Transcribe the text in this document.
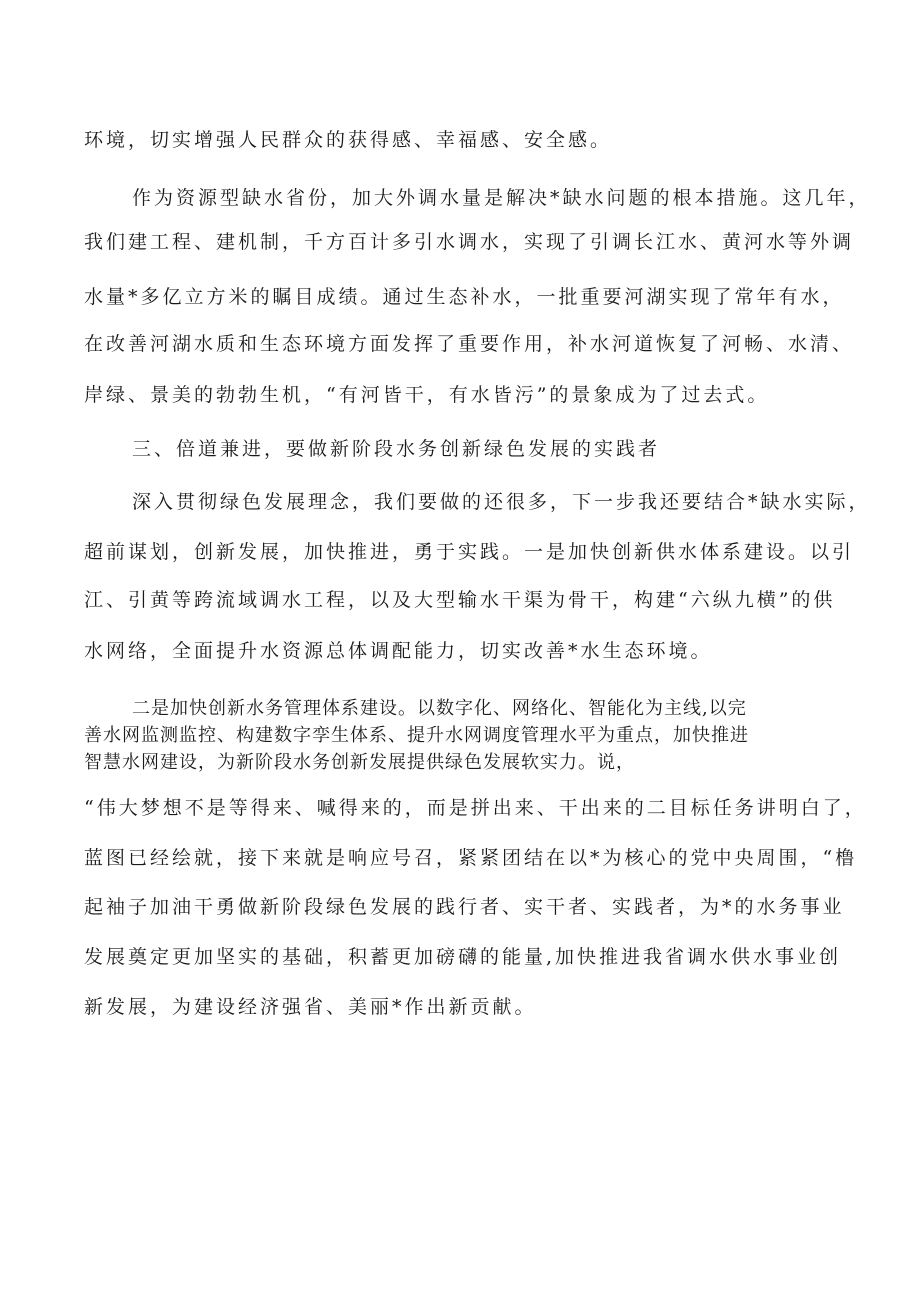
环境，切实增强人民群众的获得感、幸福感、安全感。
作为资源型缺水省份，加大外调水量是解决*缺水问题的根本措施。这几年，
我们建工程、建机制，千方百计多引水调水，实现了引调长江水、黄河水等外调
水量*多亿立方米的瞩目成绩。通过生态补水，一批重要河湖实现了常年有水，
在改善河湖水质和生态环境方面发挥了重要作用，补水河道恢复了河畅、水清、
岸绿、景美的勃勃生机，“有河皆干，有水皆污”的景象成为了过去式。
三、倍道兼进，要做新阶段水务创新绿色发展的实践者
深入贯彻绿色发展理念，我们要做的还很多，下一步我还要结合*缺水实际，
超前谋划，创新发展，加快推进，勇于实践。一是加快创新供水体系建设。以引
江、引黄等跨流域调水工程，以及大型输水干渠为骨干，构建“六纵九横”的供
水网络，全面提升水资源总体调配能力，切实改善*水生态环境。
二是加快创新水务管理体系建设。以数字化、网络化、智能化为主线,以完
善水网监测监控、构建数字孪生体系、提升水网调度管理水平为重点，加快推进
智慧水网建设，为新阶段水务创新发展提供绿色发展软实力。说，
“伟大梦想不是等得来、喊得来的，而是拼出来、干出来的二目标任务讲明白了，
蓝图已经绘就，接下来就是响应号召，紧紧团结在以*为核心的党中央周围，“橹
起袖子加油干勇做新阶段绿色发展的践行者、实干者、实践者，为*的水务事业
发展奠定更加坚实的基础，积蓄更加磅礴的能量,加快推进我省调水供水事业创
新发展，为建设经济强省、美丽*作出新贡献。
